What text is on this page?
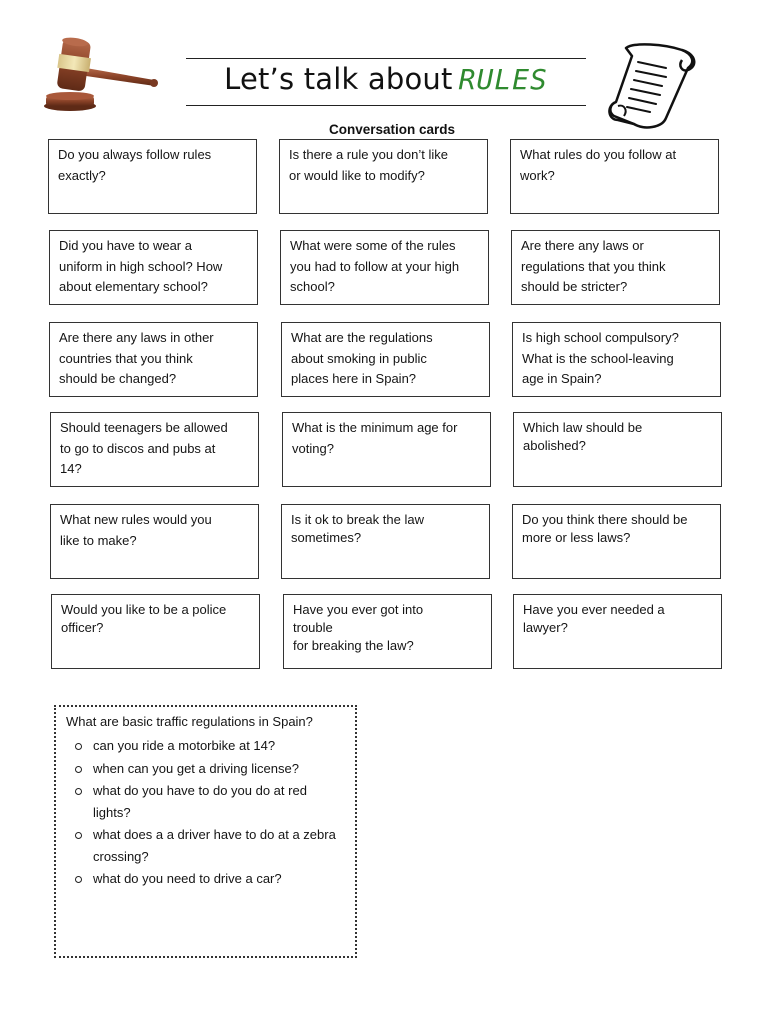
Let’s talk about RULES
Conversation cards
Do you always follow rules
exactly?
Is there a rule you don’t like
or would like to modify?
What rules do you follow at
work?
Did you have to wear a
uniform in high school? How
about elementary school?
What were some of the rules
you had to follow at your high
school?
Are there any laws or
regulations that you think
should be stricter?
Are there any laws in other
countries that you think
should be changed?
What are the regulations
about smoking in public
places here in Spain?
Is high school compulsory?
What is the school-leaving
age in Spain?
Should teenagers be allowed
to go to discos and pubs at
14?
What is the minimum age for
voting?
Which law should be
abolished?
What new rules would you
like to make?
Is it ok to break the law
sometimes?
Do you think there should be
more or less laws?
Would you like to be a police
officer?
Have you ever got into
trouble
for breaking the law?
Have you ever needed a
lawyer?
What are basic traffic regulations in Spain?
can you ride a motorbike at 14?
when can you get a driving license?
what do you have to do you do at red lights?
what does a a driver have to do at a zebra crossing?
what do you need to drive a car?
